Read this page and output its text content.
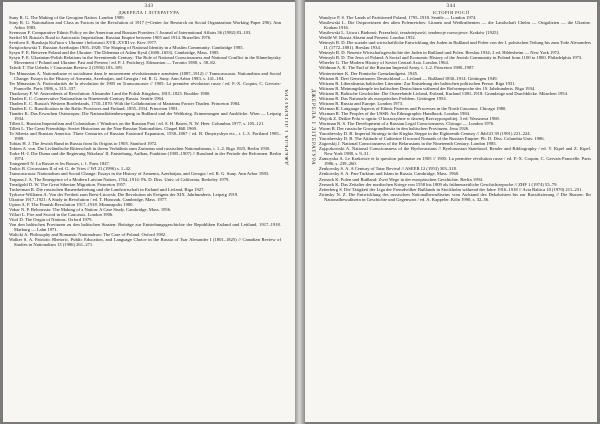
343
ДЖЕРЕЛА І ЛІТЕРАТУРА
ДЖЕРЕЛА І ЛІТЕРАТУРА
Suny R. G. The Making of the Georgian Nation. London 1989.
Suny R. G. Nationalism and Class as Factors in the Revolution of 1917 (=Center for Research on Social Organization Working Paper 296). Ann Arbor 1983.
Svensson F. Comparative Ethnic Policy on the American and Russian Frontiers // Journal of International Affairs 36 (1982) 83–103.
Szeftel M. Russia's Road to Autocratic Imperialism: Russian Empire between 1905 and 1914. Bruxelles 1976.
Svetlova E. Russkaja Kul'tura v Ukraine i belorussii XVII–XVIII vv. Kiev 1977.
Świętochowski T. Russian Azerbaijan 1905–1920: The Shaping of National Identity in a Muslim Community. Cambridge 1985.
Sysyn F. E. Between Poland and the Ukraine: The Dilemma of Adam Kysil (1600–1653). Cambridge, Mass. 1985.
Sysyn F. E. Ukrainian-Polish Relations in the Seventeenth Century: The Role of National Consciousness and National Conflict in the Khmelnytsky Movement // Poland and Ukraine: Past and Present / ed. P. J. Potichnyj. Edmonton — Toronto 1980, s. 58–82.
Tafoik T. The Uzbeks // Caucasian Review 2 (1956) 103–109.
Ter Minassian A. Nationalisme et socialisme dans le mouvement révolutionnaire arménien (1887–1912) // Transcaucasia: Nationalism and Social Change: Essays in the History of Armenia, Azerbaijan, and Georgia / ed. R. G. Suny. Ann Arbor 1983, s. 141–184.
Ter Minassian A. Particularités de la révolution de 1905 en Transcaucasie // 1905: La première révolution russe / ed. F.-X. Coquin, C. Gervais-Francelle. Paris 1986, s. 315–337.
Thackeray F. W. Antecedents of Revolution: Alexander I and the Polish Kingdom, 1815–1825. Boulder 1980.
Thaden E. C. Conservative Nationalism in Nineteenth-Century Russia. Seattle 1964.
Thaden E. C. Russia's Western Borderlands, 1710–1870: With the Collaboration of Marianna Forster Thaden. Princeton 1984.
Thaden E. C. Russification in the Baltic Provinces and Finland, 1855–1914. Princeton 1981.
Tiander K. Das Erwachen Osteuropas: Die Nationalitätenbewegung in Rußland und der Weltkrieg. Erinnerungen und Ausblicke. Wien — Leipzig 1934.
Tillett L. Russian Imperialism and Colonialism // Windows on the Russian Past / ed. S. H. Baron, N. W. Heer. Columbus 1977, s. 105–121.
Tillett L. The Great Friendship: Soviet Historians on the Non-Russian Nationalities. Chapel Hill 1969.
To Siberia and Russian America: Three Centuries of Russian Eastward Expansion, 1558–1867 / ed. B. Dmytryshyn etc., t. 1–3. Portland 1985–1989.
Tobias H. J. The Jewish Bund in Russia from Its Origins to 1905. Stanford 1972.
Tobien A. von. Die Livländische Ritterschaft in ihrem Verhältnis zum Zarismus und russischen Nationalismus, t. 1–2. Riga 1925, Berlin 1930.
Torke H.-J. Die Duma und die Regierung Nikolaus' II. Entstehung, Aufbau, Funktion (1905–1907) // Russland in der Periode der Reformen. Berlin 1974.
Tourgeneff N. La Russie et les Russes, t. 1. Paris 1847.
Trakic R. Circassians II of ed. G. de Vries // WI 21 (1996) s. 1–42.
Transcaucasia: Nationalism and Social Change: Essays in the History of Armenia, Azerbaijan, and Georgia / ed. R. G. Suny. Ann Arbor 1983.
Trapans J. A. The Emergence of a Modern Latvian Nation, 1764–1914: Ph. D. Diss. Univ. of California, Berkeley 1979.
Treadgold D. W. The Great Siberian Migration. Princeton 1957.
Tuckerman R. Die russischen Bauernbefreiung und die Landwirtschaft in Estland und Livland, Riga 1927.
Tyrkova-Williams A. Von der Freiheit zum Brest-Litowsk: Die Revolution als Ereignis der XIX. Jahrhunderts. Leipzig 1919.
Ukraine 1917–1921: A Study in Revolution / ed. T. Hunczak. Cambridge, Mass. 1977.
Upton A. F. The Finnish Revolution 1917–1918. Minneapolis 1980.
Vakar N. P. Belorussia: The Making of a Nation: A Case Study. Cambridge, Mass. 1956.
Villari L. Fire and Sword in the Caucasus. London 1906.
Vitol D. The Origin of Nations. Oxford 1979.
Von den baltischen Provinzen zu den baltischen Staaten: Beiträge zur Entstehungsgeschichte der Republiken Estland und Lettland, 1917–1918. Marburg — Lahn 1971.
Walicki A. Philosophy and Romantic Nationalism: The Case of Poland. Oxford 1982.
Walker S. A. Patriotic Rhetoric, Public Education, and Language Choice in the Russia of Tsar Alexander I (1801–1825) // Canadian Review of Studies in Nationalism 13 (1986) 261–271.
344
ІСТОРІЯ РОСІЇ
ДЖЕРЕЛА І ЛІТЕРАТУРА
Wandycz P. S. The Lands of Partitioned Poland, 1795–1918. Seattle — London 1974.
Wasilewski L. Die Ostprovinzen des alten Polenreiches: Litauen und Weißruthenien — die Landschaft Chelm — Ostgalizien — die Ukraine. Krakau 1916.
Wasilewski L. Litwa i Białoruś: Przeszłość, teraźniejszość, tendencje rozwojowe. Kraków [1925].
Weidlé W. Russia Absent and Present. London 1952.
Weinryb B. D. Die soziale und wirtschaftliche Entwicklung der Juden in Rußland und Polen von der I. polnischen Teilung bis zum Tode Alexanders II. (1772–1881). Breslau 1934.
Weinryb B. D. Neueste Wirtschaftsgeschichte der Juden in Rußland und Polen. Breslau 1934; 2 ed. Hildesheim — New York 1972.
Weinryb B. D. The Jews of Poland: A Social and Economic History of the Jewish Community in Poland from 1100 to 1800. Philadelphia 1973.
Wheeler G. The Modern History of Soviet Central Asia. London 1964.
Wildman A. K. The End of the Russian Imperial Army, t. 1–2. Princeton 1980–1987.
Wintersteiner K. Der Finnische Grenzlandgeist. 1945.
Wittram R. Drei Generationen: Deutschland — Livland — Rußland 1830–1914. Göttingen 1949.
Wittram R. Liberalismus baltischer Literaten: Zur Entstehung der baltischen politischen Presse. Riga 1931.
Wittram R. Meinungskämpfe im baltischen Deutschtum während der Reformepoche des 19. Jahrhunderts. Riga 1934.
Wittram R. Baltische Geschichte: Die Ostseelande Livland, Estland, Kurland 1180–1918: Grundzüge und Durchblicke. München 1954.
Wittram R. Das Nationale als europäisches Problem. Göttingen 1954.
Wittram R. Russia and Europe. London 1973.
Wixman R. Language Aspects of Ethnic Patterns and Processes in the North Caucasus. Chicago 1980.
Wixman R. The Peoples of the USSR: An Ethnographic Handbook. London 1984.
Wojcik Z. Dzikie Pola w ogniu: O kozaczyźnie w dawnej Rzeczypospolitej. 3 ed. Warszawa 1968.
Wortman R. S. The Development of a Russian Legal Consciousness. Chicago — London 1976.
Wurm R. Der russische Grossgrundbesitz in den baltischen Provinzen. Jena 1926.
Yaroshevsky D. B. Imperial Strategy in the Kirghiz Steppe in the Eighteenth Century // JbbGO 39 (1991) 221–224.
Yaroshevsky D. B. The Attitude of Catherine II toward Nomads of the Russian Empire: Ph. D. Diss. Columbia Univ. 1986.
Zagorskij J. National Consciousness of the Belarusians in the Nineteenth Century. London 1985.
Zajączkowski A. National Consciousness of the Byelorussians // Byelorussian Statehood. Reader and Bibliography / ed. V. Kipel and Z. Kipel. New York 1988, s. 9–31.
Zamoyska A. Le Krakowie et la question polonaise en 1905 // 1905: La première révolution russe / ed. F.-X. Coquin, C. Gervais-Francelle. Paris 1986, s. 239–260.
Zenkovsky S. A. A Century of Tatar Revival // ASEER 12 (1953) 303–318.
Zenkovsky S. A. Pan-Turkism and Islam in Russia. Cambridge, Mass. 1960.
Zernack K. Polen und Rußland: Zwei Wege in der europäischen Geschichte. Berlin 1994.
Zernack K. Das Zeitalter der nordischen Kriege von 1558 bis 1809 als frühneuzeitliche Geschichtsepoche // ZHF 1 (1974) 55–79.
Zetterberg S. Die Tätigkeit der Liga der Fremdvölker Rußlands in Stockholm während der Jahre 1916–1918 // Acta Baltica 10 (1970) 211–231.
Zirinsky N. Z. Die Entwicklung des russischen Nationalbewußtseins vom Aufstand des Dekabristen bis zur Russifizierung // Die Russen: Ihr Nationalbewußtsein in Geschichte und Gegenwart / ed. A. Kappeler. Köln 1990, s. 32–56.
